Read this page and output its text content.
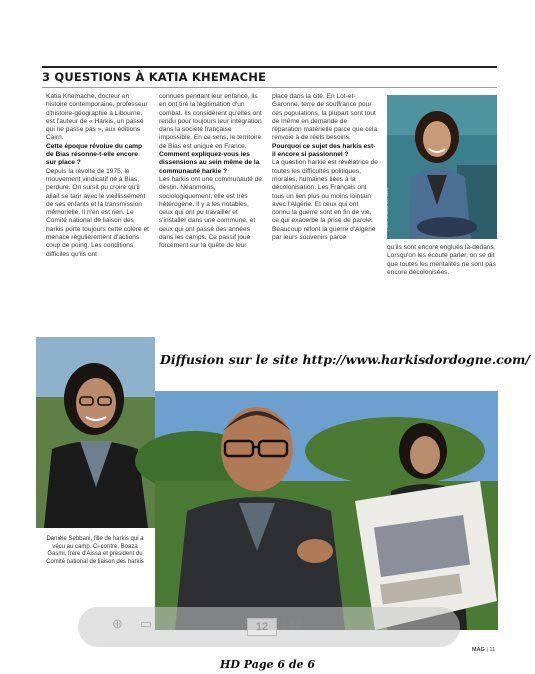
3 QUESTIONS À KATIA KHEMACHE

Katia Khemache, docteur en histoire contemporaine, professeur d'histoire-géographie à Libourne, est l'auteur de « Harkis, un passé qui ne passe pas », aux éditions Cairn.

Cette époque révolue du camp de Bias résonne-t-elle encore sur place ?

Depuis la révolte de 1975, le mouvement vindicatif né à Bias, perdure. On sursit pu croire qu'il allait se tarir avec le vieillissement de ses enfants et la transmission mémorielle. Il n'en est rien. Le Comité national de liaison des harkis porte toujours cette colère et menace régulièrement d'actions coup de poing. Les conditions difficiles qu'ils ont

connues pendant leur enfance, ils en ont tiré la légitimation d'un combat. Ils considèrent qu'elles ont rendu pour toujours leur intégration dans la société française impossible. En ce sens, le territoire de Bias est unique en France.

Comment expliquez-vous les dissensions au sein même de la communauté harkie ?

Les harkis ont une communauté de destin. Néanmoins, sociologiquement, elle est très hétérogène. Il y a les notables, ceux qui ont pu travailler et s'installer dans une commune, et ceux qui ont passé des années dans les camps. Ce passif joue forcément sur la quête de leur

place dans la cité. En Lot-et-Garonne, terre de souffrance pour ces populations, la plupart sont tout de même en demande de réparation matérielle parce que cela renvoie à de réels besoins.

Pourquoi ce sujet des harkis est-il encore si passionnel ?

La question harkie est révélatrice de toutes les difficultés politiques, morales, humaines liées à la décolonisation. Les Français ont tous un lien plus ou moins lointain avec l'Algérie. Et ceux qui ont connu la guerre sont en fin de vie, ce qui exacerbe la prise de parole. Beaucoup refont la guerre d'Algérie par leurs souvenirs parce

Photo Kristelle Del Oneil

qu'ils sont encore englués là-dedans. Lorsqu'on les écoute parler, on se dit que toutes les mentalités ne sont pas encore décolonisées.

Diffusion sur le site http://www.harkisdordogne.com/
Danièle Sebbani, fille de harkis qui a vécu au camp. Ci-contre, Boaza Gasmi, frère d'Aissa et président du Comité national de liaison des harkis
⊕ ▭	12	/ 52
MAG | 11
HD Page 6 de 6
